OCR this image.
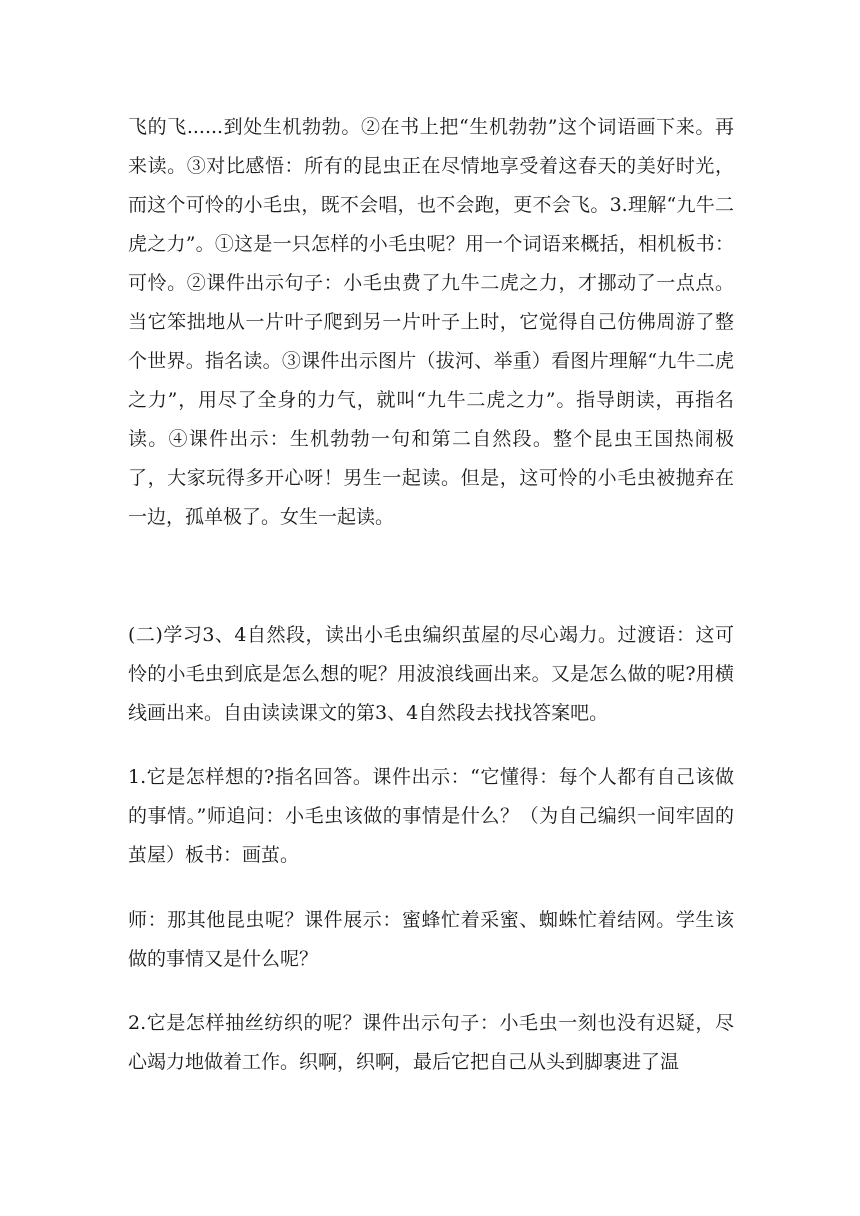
飞的飞......到处生机勃勃。②在书上把“生机勃勃”这个词语画下来。再来读。③对比感悟：所有的昆虫正在尽情地享受着这春天的美好时光，而这个可怜的小毛虫，既不会唱，也不会跑，更不会飞。3.理解“九牛二虎之力”。①这是一只怎样的小毛虫呢？用一个词语来概括，相机板书：可怜。②课件出示句子：小毛虫费了九牛二虎之力，才挪动了一点点。当它笨拙地从一片叶子爬到另一片叶子上时，它觉得自己仿佛周游了整个世界。指名读。③课件出示图片（拔河、举重）看图片理解“九牛二虎之力”，用尽了全身的力气，就叫“九牛二虎之力”。指导朗读，再指名读。④课件出示：生机勃勃一句和第二自然段。整个昆虫王国热闹极了，大家玩得多开心呀！男生一起读。但是，这可怜的小毛虫被抛弃在一边，孤单极了。女生一起读。

(二)学习3、4自然段，读出小毛虫编织茧屋的尽心竭力。过渡语：这可怜的小毛虫到底是怎么想的呢？用波浪线画出来。又是怎么做的呢?用横线画出来。自由读读课文的第3、4自然段去找找答案吧。

1.它是怎样想的?指名回答。课件出示：“它懂得：每个人都有自己该做的事情。”师追问：小毛虫该做的事情是什么？（为自己编织一间牢固的茧屋）板书：画茧。

师：那其他昆虫呢？课件展示：蜜蜂忙着采蜜、蜘蛛忙着结网。学生该做的事情又是什么呢？

2.它是怎样抽丝纺织的呢？课件出示句子：小毛虫一刻也没有迟疑，尽心竭力地做着工作。织啊，织啊，最后它把自己从头到脚裹进了温
